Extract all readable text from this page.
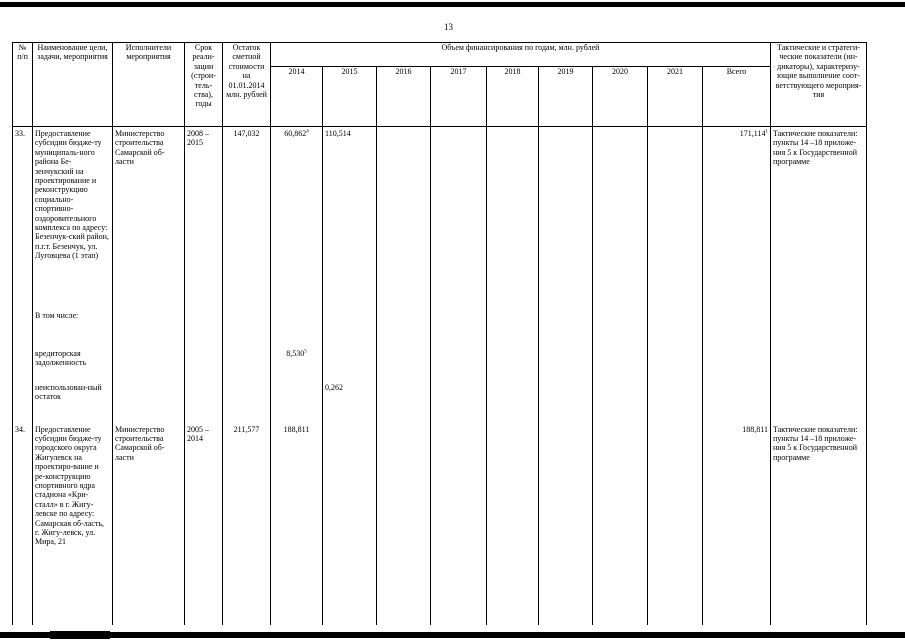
13
№ п/п	Наименование цели, задачи, мероприятия	Исполнители мероприятия	Срок реали-зации (строи-тель-ства), годы	Остаток сметной стоимости на 01.01.2014 млн. рублей	Объем финансирования по годам, млн. рублей									Тактические и стратеги-ческие показатели (ин-дикаторы), характеризу-ющие выполнение соот-ветствующего мероприя-тия
					2014	2015	2016	2017	2018	2019	2020	2021	Всего	
33.	Предоставление субсидии бюдже-ту муниципаль-ного района Бе-зенчукский на проектирование и реконструкцию социально-спортивно-оздоровительного комплекса по адресу: Безенчук-ский район, п.г.т. Безенчук, ул. Луговцева (1 этап)	Министерство строительства Самарской об-ласти	2008 – 2015	147,032	60,862$^4$	110,514							171,114$^1$	Тактические показатели: пункты 14 –18 приложе-ния 5 к Государственной программе
	В том числе:													
	кредиторская задолженность				8,530$^5$									
	неиспользован-ный остаток					0,262								
34.	Предоставление субсидии бюдже-ту городского округа Жигулевск на проектиро-вание и ре-конструкцию спортивного ядра стадиона «Кри-сталл» в г. Жигу-левске по адресу: Самарская об-ласть, г. Жигу-левск, ул. Мира, 21	Министерство строительства Самарской об-ласти	2005 – 2014	211,577	188,811								188,811	Тактические показатели: пункты 14 –18 приложе-ния 5 к Государственной программе
